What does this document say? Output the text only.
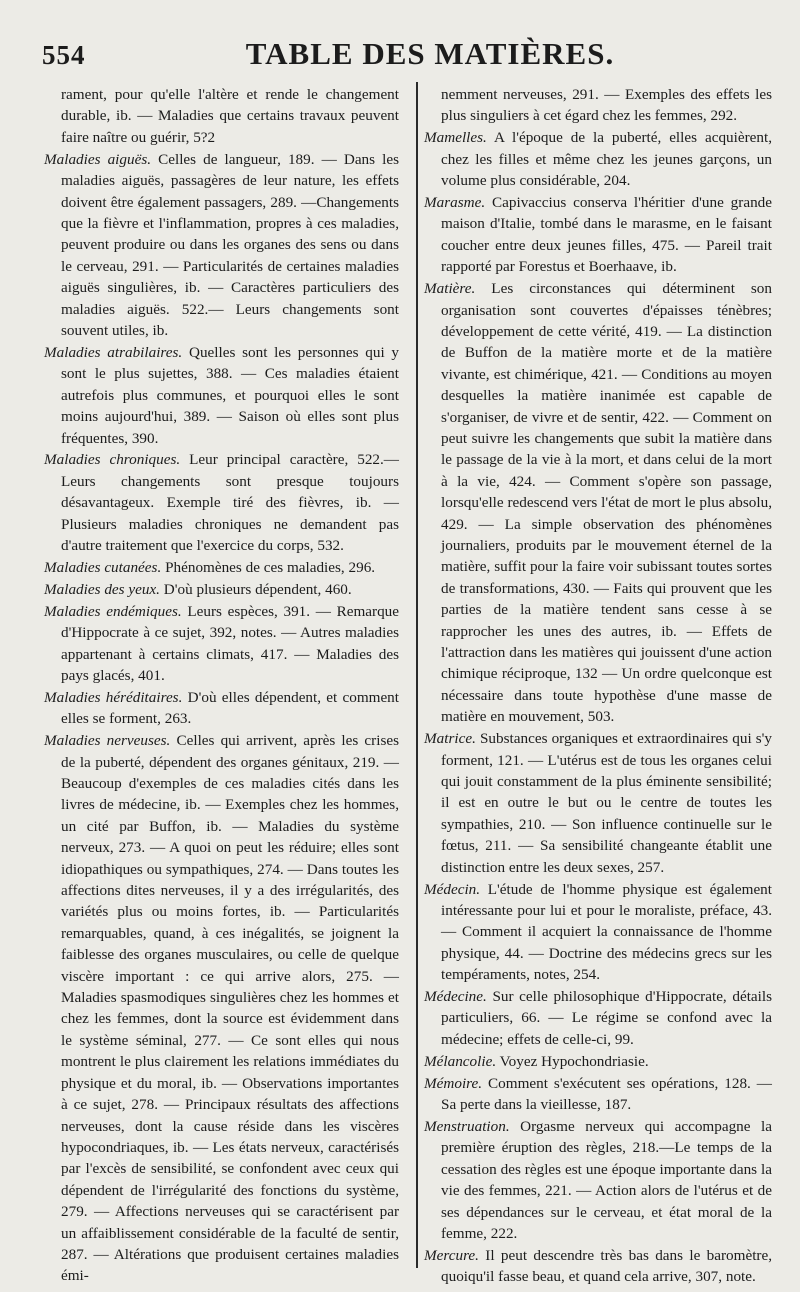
554	TABLE DES MATIÈRES.

rament, pour qu'elle l'altère et rende le changement durable, ib. — Maladies que certains travaux peuvent faire naître ou guérir, 5?2

Maladies aiguës. Celles de langueur, 189. — Dans les maladies aiguës, passagères de leur nature, les effets doivent être également passagers, 289. —Changements que la fièvre et l'inflammation, propres à ces maladies, peuvent produire ou dans les organes des sens ou dans le cerveau, 291. — Particularités de certaines maladies aiguës singulières, ib. — Caractères particuliers des maladies aiguës. 522.— Leurs changements sont souvent utiles, ib.

Maladies atrabilaires. Quelles sont les personnes qui y sont le plus sujettes, 388. — Ces maladies étaient autrefois plus communes, et pourquoi elles le sont moins aujourd'hui, 389. — Saison où elles sont plus fréquentes, 390.

Maladies chroniques. Leur principal caractère, 522.—Leurs changements sont presque toujours désavantageux. Exemple tiré des fièvres, ib. — Plusieurs maladies chroniques ne demandent pas d'autre traitement que l'exercice du corps, 532.

Maladies cutanées. Phénomènes de ces maladies, 296.

Maladies des yeux. D'où plusieurs dépendent, 460.

Maladies endémiques. Leurs espèces, 391. — Remarque d'Hippocrate à ce sujet, 392, notes. — Autres maladies appartenant à certains climats, 417. — Maladies des pays glacés, 401.

Maladies héréditaires. D'où elles dépendent, et comment elles se forment, 263.

Maladies nerveuses. Celles qui arrivent, après les crises de la puberté, dépendent des organes génitaux, 219. — Beaucoup d'exemples de ces maladies cités dans les livres de médecine, ib. — Exemples chez les hommes, un cité par Buffon, ib. — Maladies du système nerveux, 273. — A quoi on peut les réduire; elles sont idiopathiques ou sympathiques, 274. — Dans toutes les affections dites nerveuses, il y a des irrégularités, des variétés plus ou moins fortes, ib. — Particularités remarquables, quand, à ces inégalités, se joignent la faiblesse des organes musculaires, ou celle de quelque viscère important : ce qui arrive alors, 275. — Maladies spasmodiques singulières chez les hommes et chez les femmes, dont la source est évidemment dans le système séminal, 277. — Ce sont elles qui nous montrent le plus clairement les relations immédiates du physique et du moral, ib. — Observations importantes à ce sujet, 278. — Principaux résultats des affections nerveuses, dont la cause réside dans les viscères hypocondriaques, ib. — Les états nerveux, caractérisés par l'excès de sensibilité, se confondent avec ceux qui dépendent de l'irrégularité des fonctions du système, 279. — Affections nerveuses qui se caractérisent par un affaiblissement considérable de la faculté de sentir, 287. — Altérations que produisent certaines maladies émi-

nemment nerveuses, 291. — Exemples des effets les plus singuliers à cet égard chez les femmes, 292.

Mamelles. A l'époque de la puberté, elles acquièrent, chez les filles et même chez les jeunes garçons, un volume plus considérable, 204.

Marasme. Capivaccius conserva l'héritier d'une grande maison d'Italie, tombé dans le marasme, en le faisant coucher entre deux jeunes filles, 475. — Pareil trait rapporté par Forestus et Boerhaave, ib.

Matière. Les circonstances qui déterminent son organisation sont couvertes d'épaisses ténèbres; développement de cette vérité, 419. — La distinction de Buffon de la matière morte et de la matière vivante, est chimérique, 421. — Conditions au moyen desquelles la matière inanimée est capable de s'organiser, de vivre et de sentir, 422. — Comment on peut suivre les changements que subit la matière dans le passage de la vie à la mort, et dans celui de la mort à la vie, 424. — Comment s'opère son passage, lorsqu'elle redescend vers l'état de mort le plus absolu, 429. — La simple observation des phénomènes journaliers, produits par le mouvement éternel de la matière, suffit pour la faire voir subissant toutes sortes de transformations, 430. — Faits qui prouvent que les parties de la matière tendent sans cesse à se rapprocher les unes des autres, ib. — Effets de l'attraction dans les matières qui jouissent d'une action chimique réciproque, 132 — Un ordre quelconque est nécessaire dans toute hypothèse d'une masse de matière en mouvement, 503.

Matrice. Substances organiques et extraordinaires qui s'y forment, 121. — L'utérus est de tous les organes celui qui jouit constamment de la plus éminente sensibilité; il est en outre le but ou le centre de toutes les sympathies, 210. — Son influence continuelle sur le fœtus, 211. — Sa sensibilité changeante établit une distinction entre les deux sexes, 257.

Médecin. L'étude de l'homme physique est également intéressante pour lui et pour le moraliste, préface, 43. — Comment il acquiert la connaissance de l'homme physique, 44. — Doctrine des médecins grecs sur les tempéraments, notes, 254.

Médecine. Sur celle philosophique d'Hippocrate, détails particuliers, 66. — Le régime se confond avec la médecine; effets de celle-ci, 99.

Mélancolie. Voyez Hypochondriasie.

Mémoire. Comment s'exécutent ses opérations, 128. — Sa perte dans la vieillesse, 187.

Menstruation. Orgasme nerveux qui accompagne la première éruption des règles, 218.—Le temps de la cessation des règles est une époque importante dans la vie des femmes, 221. — Action alors de l'utérus et de ses dépendances sur le cerveau, et état moral de la femme, 222.

Mercure. Il peut descendre très bas dans le baromètre, quoiqu'il fasse beau, et quand cela arrive, 307, note.
